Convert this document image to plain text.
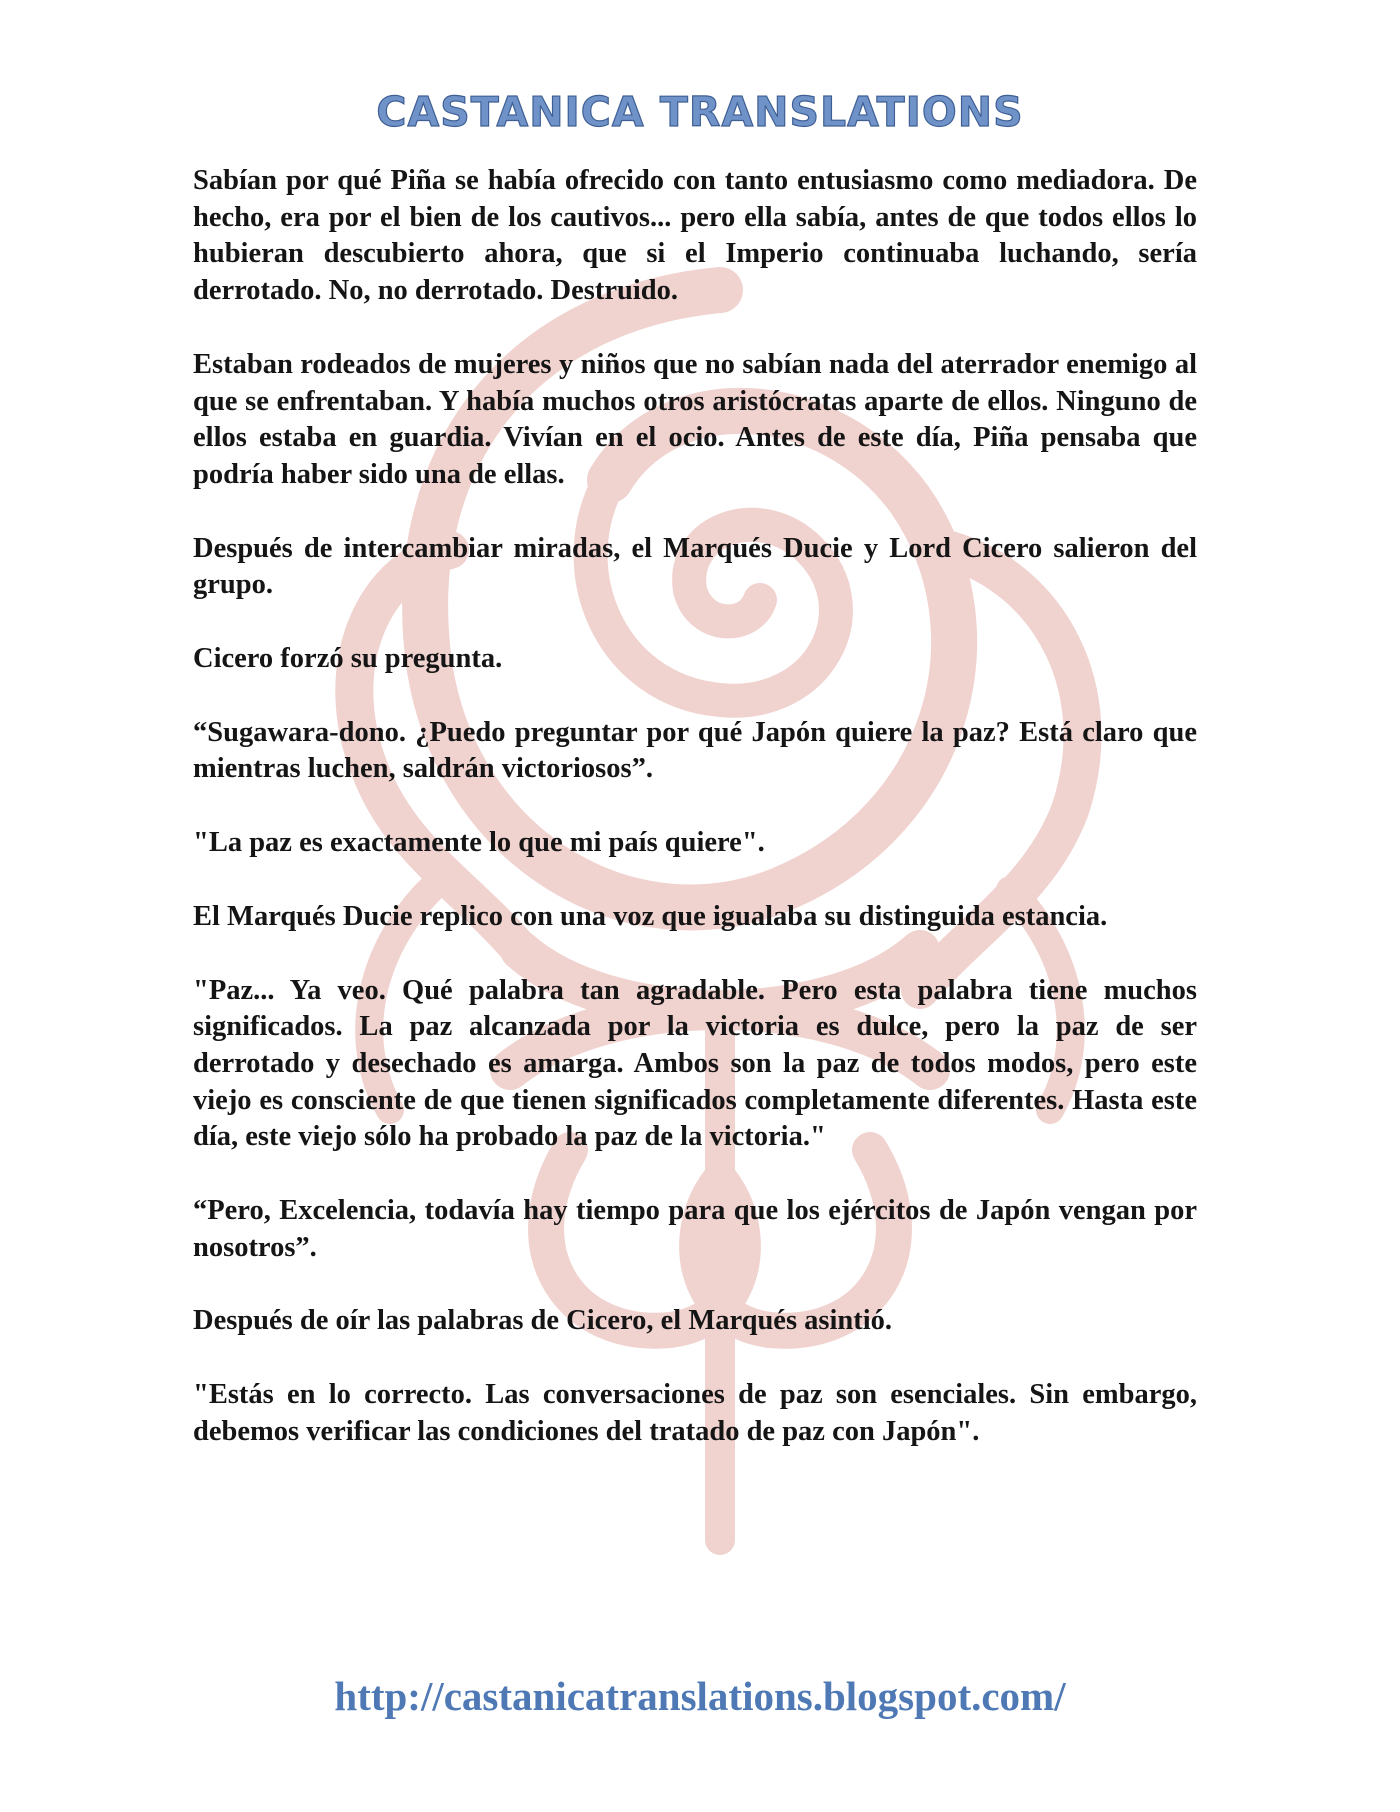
CASTANICA TRANSLATIONS

Sabían por qué Piña se había ofrecido con tanto entusiasmo como mediadora. De hecho, era por el bien de los cautivos... pero ella sabía, antes de que todos ellos lo hubieran descubierto ahora, que si el Imperio continuaba luchando, sería derrotado. No, no derrotado. Destruido.

Estaban rodeados de mujeres y niños que no sabían nada del aterrador enemigo al que se enfrentaban. Y había muchos otros aristócratas aparte de ellos. Ninguno de ellos estaba en guardia. Vivían en el ocio. Antes de este día, Piña pensaba que podría haber sido una de ellas.

Después de intercambiar miradas, el Marqués Ducie y Lord Cicero salieron del grupo.

Cicero forzó su pregunta.

“Sugawara-dono. ¿Puedo preguntar por qué Japón quiere la paz? Está claro que mientras luchen, saldrán victoriosos”.

"La paz es exactamente lo que mi país quiere".

El Marqués Ducie replico con una voz que igualaba su distinguida estancia.

"Paz... Ya veo. Qué palabra tan agradable. Pero esta palabra tiene muchos significados. La paz alcanzada por la victoria es dulce, pero la paz de ser derrotado y desechado es amarga. Ambos son la paz de todos modos, pero este viejo es consciente de que tienen significados completamente diferentes. Hasta este día, este viejo sólo ha probado la paz de la victoria."

“Pero, Excelencia, todavía hay tiempo para que los ejércitos de Japón vengan por nosotros”.

Después de oír las palabras de Cicero, el Marqués asintió.

"Estás en lo correcto. Las conversaciones de paz son esenciales. Sin embargo, debemos verificar las condiciones del tratado de paz con Japón".

http://castanicatranslations.blogspot.com/
